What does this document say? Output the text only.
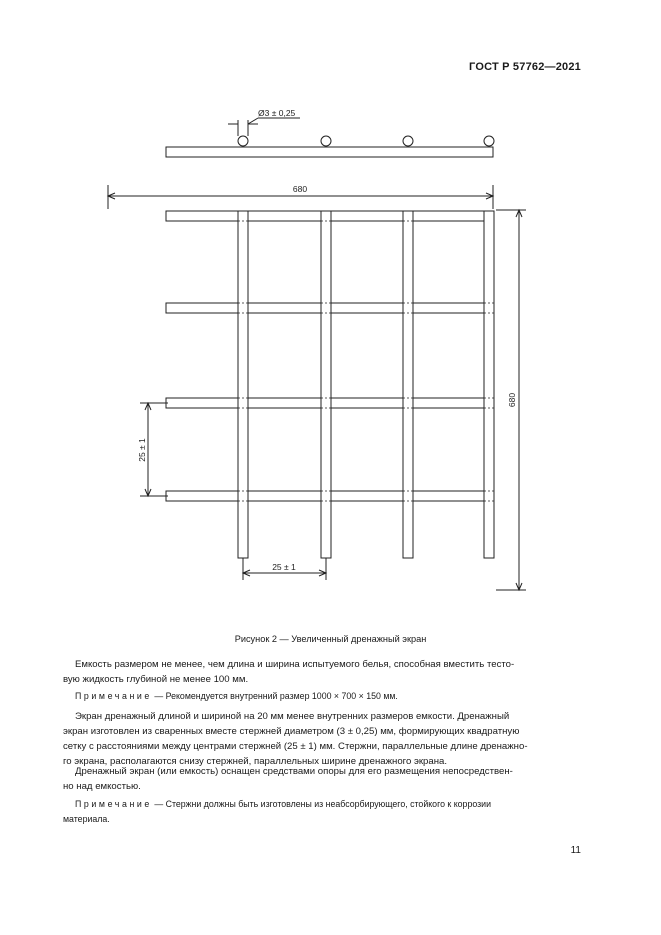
ГОСТ Р 57762—2021
Ø3 ± 0,25
680
680
25 ± 1
25 ± 1
Рисунок 2 — Увеличенный дренажный экран
Емкость размером не менее, чем длина и ширина испытуемого белья, способная вместить тесто-
вую жидкость глубиной не менее 100 мм.
Примечание — Рекомендуется внутренний размер 1000 × 700 × 150 мм.
Экран дренажный длиной и шириной на 20 мм менее внутренних размеров емкости. Дренажный
экран изготовлен из сваренных вместе стержней диаметром (3 ± 0,25) мм, формирующих квадратную
сетку с расстояниями между центрами стержней (25 ± 1) мм. Стержни, параллельные длине дренажно-
го экрана, располагаются снизу стержней, параллельных ширине дренажного экрана.
Дренажный экран (или емкость) оснащен средствами опоры для его размещения непосредствен-
но над емкостью.
Примечание — Стержни должны быть изготовлены из неабсорбирующего, стойкого к коррозии
материала.
11
